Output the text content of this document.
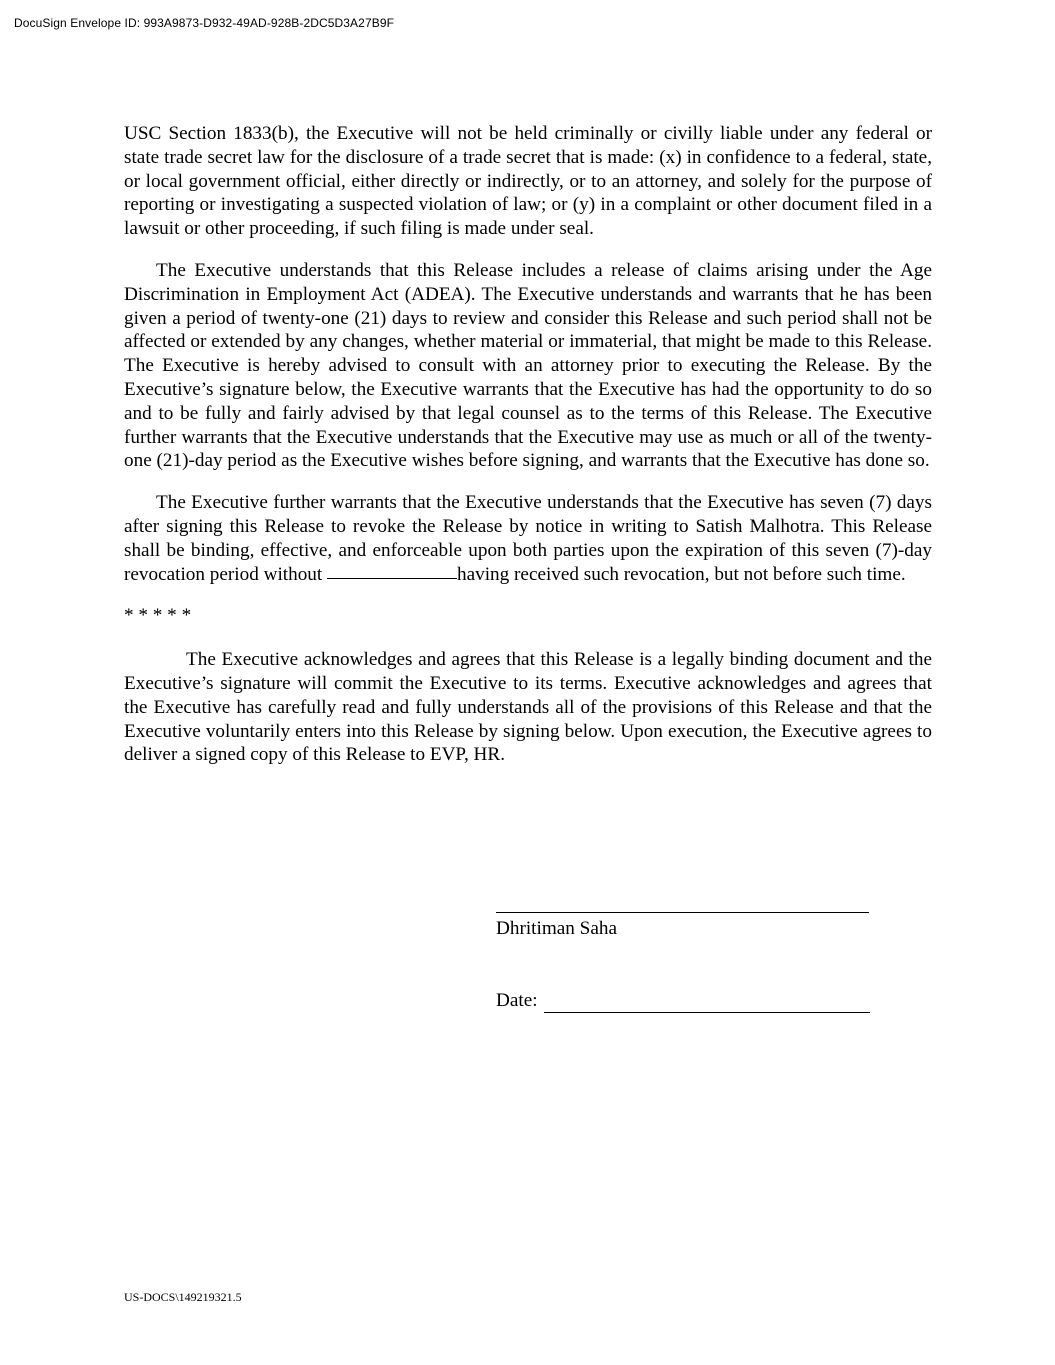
DocuSign Envelope ID: 993A9873-D932-49AD-928B-2DC5D3A27B9F

USC Section 1833(b), the Executive will not be held criminally or civilly liable under any federal or state trade secret law for the disclosure of a trade secret that is made: (x) in confidence to a federal, state, or local government official, either directly or indirectly, or to an attorney, and solely for the purpose of reporting or investigating a suspected violation of law; or (y) in a complaint or other document filed in a lawsuit or other proceeding, if such filing is made under seal.

The Executive understands that this Release includes a release of claims arising under the Age Discrimination in Employment Act (ADEA). The Executive understands and warrants that he has been given a period of twenty-one (21) days to review and consider this Release and such period shall not be affected or extended by any changes, whether material or immaterial, that might be made to this Release. The Executive is hereby advised to consult with an attorney prior to executing the Release. By the Executive’s signature below, the Executive warrants that the Executive has had the opportunity to do so and to be fully and fairly advised by that legal counsel as to the terms of this Release. The Executive further warrants that the Executive understands that the Executive may use as much or all of the twenty-one (21)-day period as the Executive wishes before signing, and warrants that the Executive has done so.

The Executive further warrants that the Executive understands that the Executive has seven (7) days after signing this Release to revoke the Release by notice in writing to Satish Malhotra. This Release shall be binding, effective, and enforceable upon both parties upon the expiration of this seven (7)-day revocation period without	having received such revocation, but not before such time.

* * * * *

The Executive acknowledges and agrees that this Release is a legally binding document and the Executive’s signature will commit the Executive to its terms. Executive acknowledges and agrees that the Executive has carefully read and fully understands all of the provisions of this Release and that the Executive voluntarily enters into this Release by signing below. Upon execution, the Executive agrees to deliver a signed copy of this Release to EVP, HR.

Dhritiman Saha
Date:
US-DOCS\149219321.5
